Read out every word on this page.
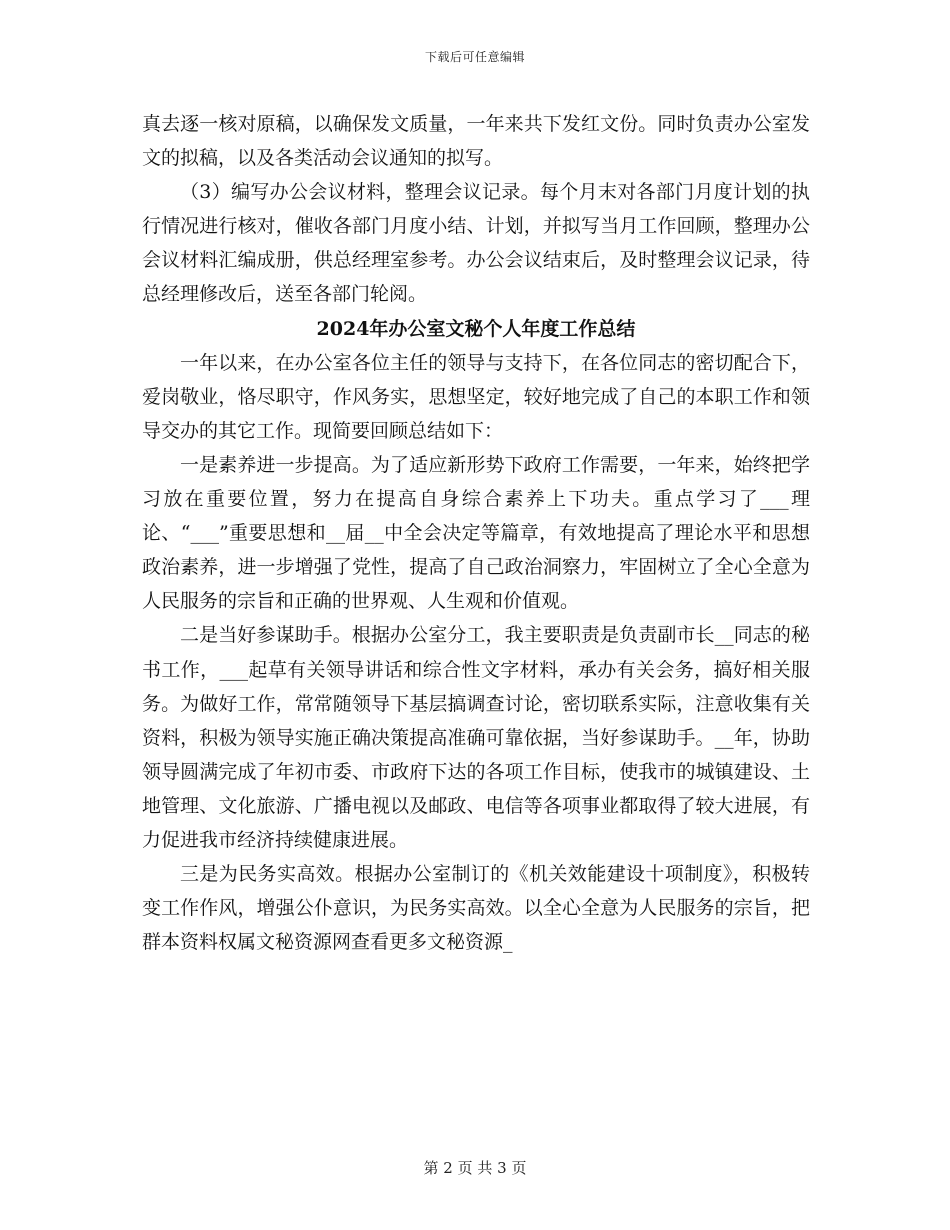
下载后可任意编辑

真去逐一核对原稿，以确保发文质量，一年来共下发红文份。同时负责办公室发文的拟稿，以及各类活动会议通知的拟写。

（3）编写办公会议材料，整理会议记录。每个月末对各部门月度计划的执行情况进行核对，催收各部门月度小结、计划，并拟写当月工作回顾，整理办公会议材料汇编成册，供总经理室参考。办公会议结束后，及时整理会议记录，待总经理修改后，送至各部门轮阅。

2024年办公室文秘个人年度工作总结

一年以来，在办公室各位主任的领导与支持下，在各位同志的密切配合下，爱岗敬业，恪尽职守，作风务实，思想坚定，较好地完成了自己的本职工作和领导交办的其它工作。现简要回顾总结如下：

一是素养进一步提高。为了适应新形势下政府工作需要，一年来，始终把学习放在重要位置，努力在提高自身综合素养上下功夫。重点学习了___理论、“___”重要思想和__届__中全会决定等篇章，有效地提高了理论水平和思想政治素养，进一步增强了党性，提高了自己政治洞察力，牢固树立了全心全意为人民服务的宗旨和正确的世界观、人生观和价值观。

二是当好参谋助手。根据办公室分工，我主要职责是负责副市长__同志的秘书工作，___起草有关领导讲话和综合性文字材料，承办有关会务，搞好相关服务。为做好工作，常常随领导下基层搞调查讨论，密切联系实际，注意收集有关资料，积极为领导实施正确决策提高准确可靠依据，当好参谋助手。__年，协助领导圆满完成了年初市委、市政府下达的各项工作目标，使我市的城镇建设、土地管理、文化旅游、广播电视以及邮政、电信等各项事业都取得了较大进展，有力促进我市经济持续健康进展。

三是为民务实高效。根据办公室制订的《机关效能建设十项制度》，积极转变工作作风，增强公仆意识，为民务实高效。以全心全意为人民服务的宗旨，把群本资料权属文秘资源网查看更多文秘资源_

第 2 页 共 3 页
